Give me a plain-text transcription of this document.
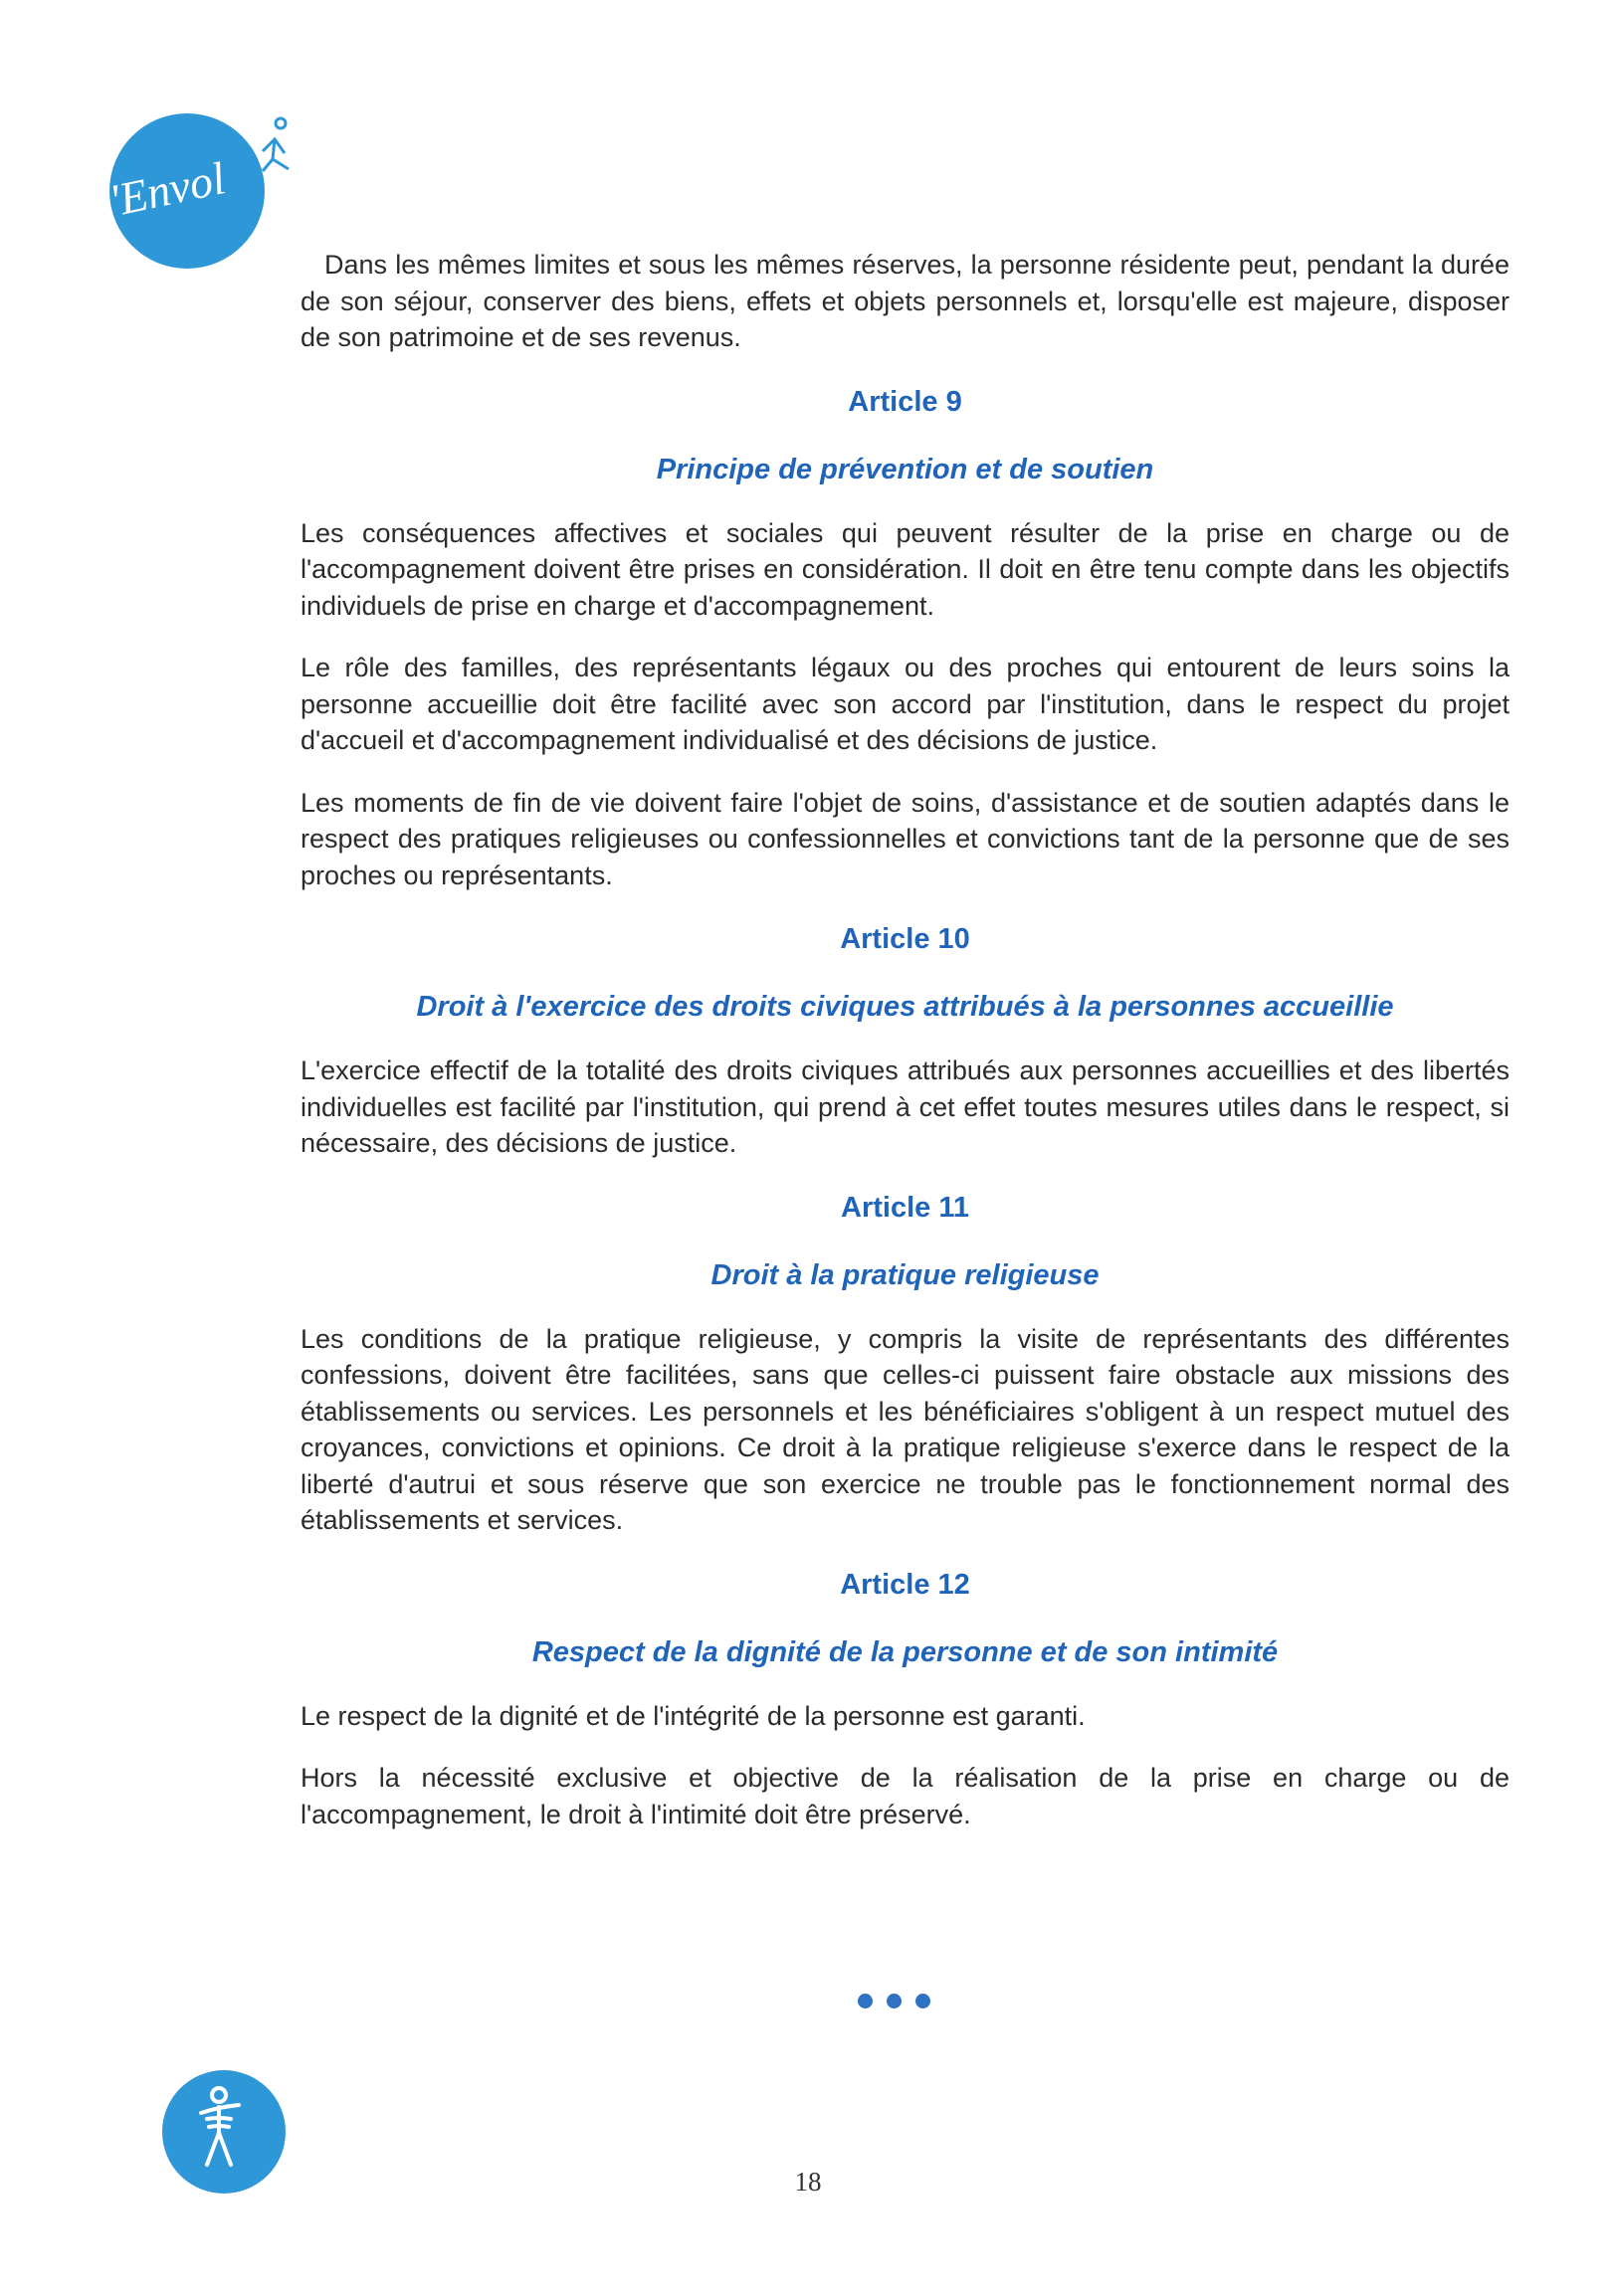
L'Envol

Dans les mêmes limites et sous les mêmes réserves, la personne résidente peut, pendant la durée de son séjour, conserver des biens, effets et objets personnels et, lorsqu'elle est majeure, disposer de son patrimoine et de ses revenus.

Article 9
Principe de prévention et de soutien

Les conséquences affectives et sociales qui peuvent résulter de la prise en charge ou de l'accompagnement doivent être prises en considération. Il doit en être tenu compte dans les objectifs individuels de prise en charge et d'accompagnement.

Le rôle des familles, des représentants légaux ou des proches qui entourent de leurs soins la personne accueillie doit être facilité avec son accord par l'institution, dans le respect du projet d'accueil et d'accompagnement individualisé et des décisions de justice.

Les moments de fin de vie doivent faire l'objet de soins, d'assistance et de soutien adaptés dans le respect des pratiques religieuses ou confessionnelles et convictions tant de la personne que de ses proches ou représentants.

Article 10
Droit à l'exercice des droits civiques attribués à la personnes accueillie

L'exercice effectif de la totalité des droits civiques attribués aux personnes accueillies et des libertés individuelles est facilité par l'institution, qui prend à cet effet toutes mesures utiles dans le respect, si nécessaire, des décisions de justice.

Article 11
Droit à la pratique religieuse

Les conditions de la pratique religieuse, y compris la visite de représentants des différentes confessions, doivent être facilitées, sans que celles-ci puissent faire obstacle aux missions des établissements ou services. Les personnels et les bénéficiaires s'obligent à un respect mutuel des croyances, convictions et opinions. Ce droit à la pratique religieuse s'exerce dans le respect de la liberté d'autrui et sous réserve que son exercice ne trouble pas le fonctionnement normal des établissements et services.

Article 12
Respect de la dignité de la personne et de son intimité

Le respect de la dignité et de l'intégrité de la personne est garanti.

Hors la nécessité exclusive et objective de la réalisation de la prise en charge ou de l'accompagnement, le droit à l'intimité doit être préservé.

18
